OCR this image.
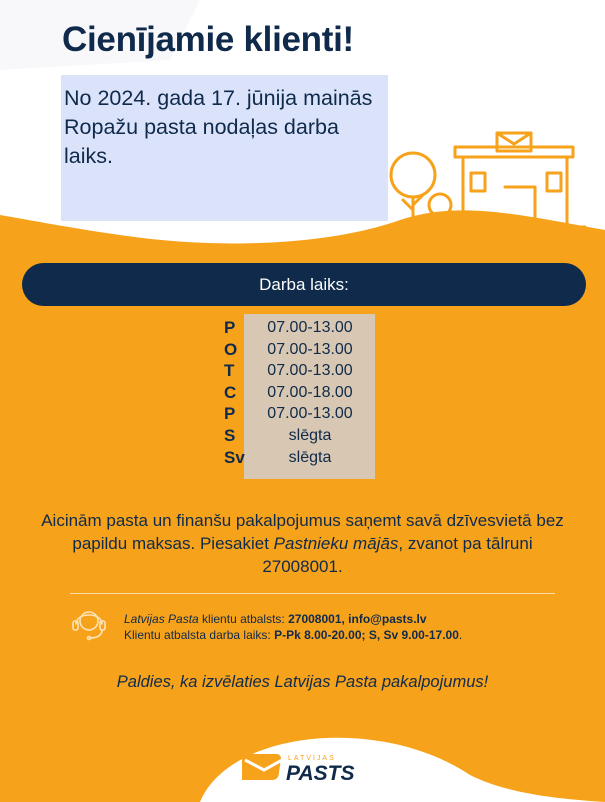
Cienījamie klienti!

No 2024. gada 17. jūnija mainās Ropažu pasta nodaļas darba laiks.

Darba laiks:
P	07.00-13.00
O	07.00-13.00
T	07.00-13.00
C	07.00-18.00
P	07.00-13.00
S	slēgta
Sv	slēgta

Aicinām pasta un finanšu pakalpojumus saņemt savā dzīvesvietā bez papildu maksas. Piesakiet Pastnieku mājās, zvanot pa tālruni 27008001.

Latvijas Pasta klientu atbalsts: 27008001, info@pasts.lv
Klientu atbalsta darba laiks: P-Pk 8.00-20.00; S, Sv 9.00-17.00.

Paldies, ka izvēlaties Latvijas Pasta pakalpojumus!

LATVIJAS
PASTS
